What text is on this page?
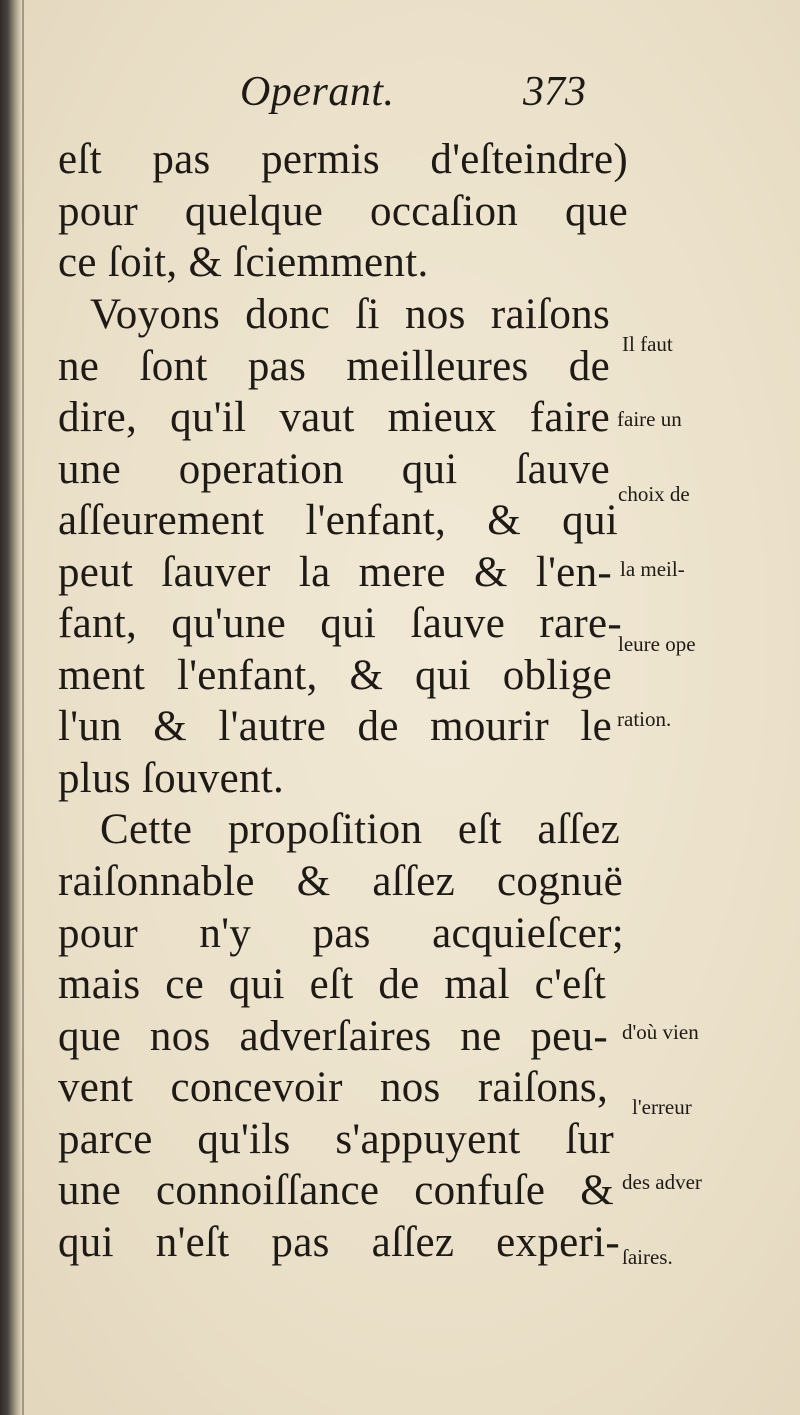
Operant.	373
eſt pas permis d'eſteindre)
pour quelque occaſion que
ce ſoit, & ſciemment.
Voyons donc ſi nos raiſons
ne ſont pas meilleures de
dire, qu'il vaut mieux faire
une operation qui ſauve
aſſeurement l'enfant, & qui
peut ſauver la mere & l'en-
fant, qu'une qui ſauve rare-
ment l'enfant, & qui oblige
l'un & l'autre de mourir le
plus ſouvent.
Cette propoſition eſt aſſez
raiſonnable & aſſez cognuë
pour n'y pas acquieſcer;
mais ce qui eſt de mal c'eſt
que nos adverſaires ne peu-
vent concevoir nos raiſons,
parce qu'ils s'appuyent ſur
une connoiſſance confuſe &
qui n'eſt pas aſſez experi-

Il faut

faire un

choix de

la meil-

leure ope

ration.

d'où vien

l'erreur

des adver

ſaires.
